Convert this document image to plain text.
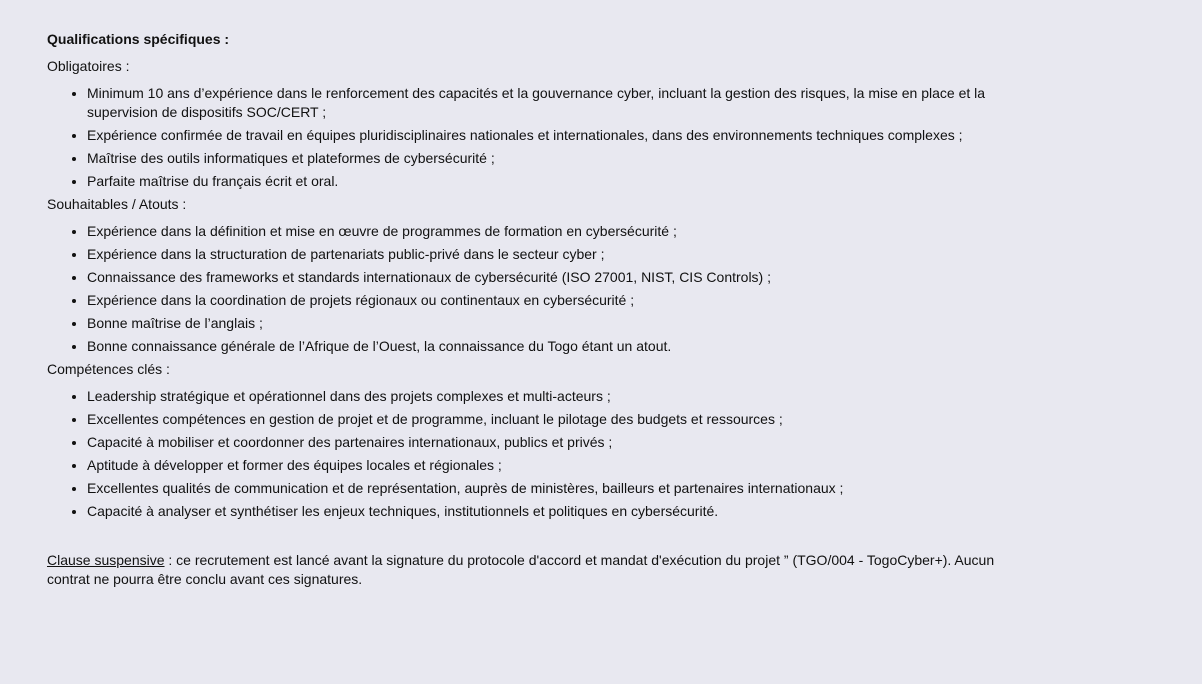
Qualifications spécifiques :
Obligatoires :
• Minimum 10 ans d’expérience dans le renforcement des capacités et la gouvernance cyber, incluant la gestion des risques, la mise en place et la supervision de dispositifs SOC/CERT ;
• Expérience confirmée de travail en équipes pluridisciplinaires nationales et internationales, dans des environnements techniques complexes ;
• Maîtrise des outils informatiques et plateformes de cybersécurité ;
• Parfaite maîtrise du français écrit et oral.
Souhaitables / Atouts :
• Expérience dans la définition et mise en œuvre de programmes de formation en cybersécurité ;
• Expérience dans la structuration de partenariats public-privé dans le secteur cyber ;
• Connaissance des frameworks et standards internationaux de cybersécurité (ISO 27001, NIST, CIS Controls) ;
• Expérience dans la coordination de projets régionaux ou continentaux en cybersécurité ;
• Bonne maîtrise de l’anglais ;
• Bonne connaissance générale de l’Afrique de l’Ouest, la connaissance du Togo étant un atout.
Compétences clés :
• Leadership stratégique et opérationnel dans des projets complexes et multi-acteurs ;
• Excellentes compétences en gestion de projet et de programme, incluant le pilotage des budgets et ressources ;
• Capacité à mobiliser et coordonner des partenaires internationaux, publics et privés ;
• Aptitude à développer et former des équipes locales et régionales ;
• Excellentes qualités de communication et de représentation, auprès de ministères, bailleurs et partenaires internationaux ;
• Capacité à analyser et synthétiser les enjeux techniques, institutionnels et politiques en cybersécurité.
Clause suspensive : ce recrutement est lancé avant la signature du protocole d'accord et mandat d'exécution du projet ” (TGO/004 - TogoCyber+). Aucun contrat ne pourra être conclu avant ces signatures.
